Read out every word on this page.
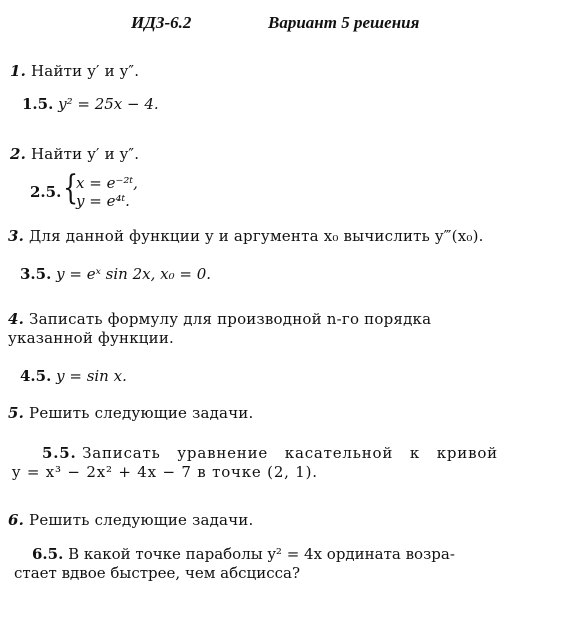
ИДЗ-6.2	Вариант 5 решения
1. Найти y′ и y″.
1.5. y² = 25x − 4.
2. Найти y′ и y″.
2.5. {
x = e⁻²ᵗ,
y = e⁴ᵗ.
3. Для данной функции y и аргумента x₀ вычислить y‴(x₀).
3.5. y = eˣ sin 2x, x₀ = 0.
4. Записать формулу для производной n-го порядка
указанной функции.
4.5. y = sin x.
5. Решить следующие задачи.
5.5. Записать   уравнение   касательной   к   кривой
y = x³ − 2x² + 4x − 7 в точке (2, 1).
6. Решить следующие задачи.
6.5. В какой точке параболы y² = 4x ордината возра-
стает вдвое быстрее, чем абсцисса?
